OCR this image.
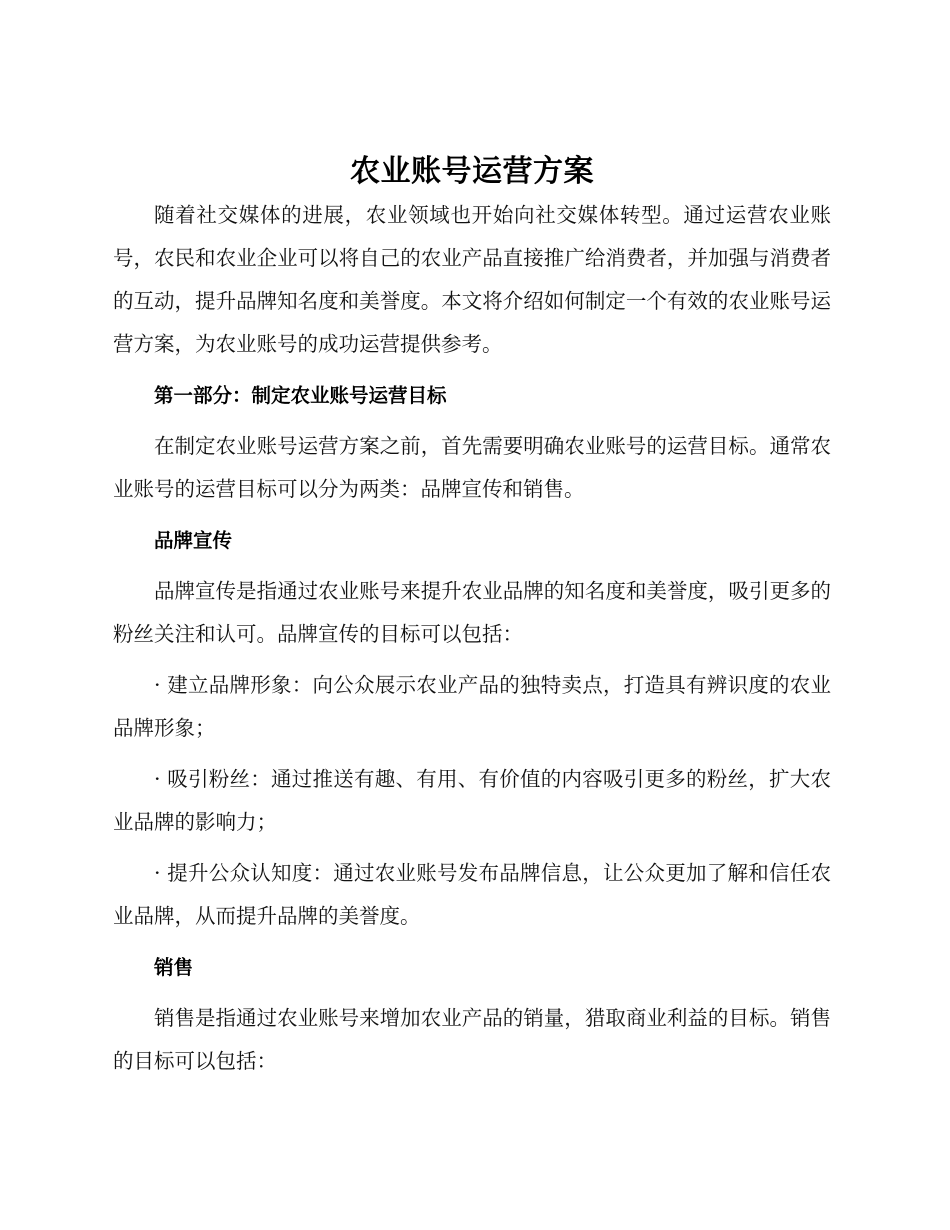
农业账号运营方案

随着社交媒体的进展，农业领域也开始向社交媒体转型。通过运营农业账号，农民和农业企业可以将自己的农业产品直接推广给消费者，并加强与消费者的互动，提升品牌知名度和美誉度。本文将介绍如何制定一个有效的农业账号运营方案，为农业账号的成功运营提供参考。

第一部分：制定农业账号运营目标

在制定农业账号运营方案之前，首先需要明确农业账号的运营目标。通常农业账号的运营目标可以分为两类：品牌宣传和销售。

品牌宣传

品牌宣传是指通过农业账号来提升农业品牌的知名度和美誉度，吸引更多的粉丝关注和认可。品牌宣传的目标可以包括：

· 建立品牌形象：向公众展示农业产品的独特卖点，打造具有辨识度的农业品牌形象；

· 吸引粉丝：通过推送有趣、有用、有价值的内容吸引更多的粉丝，扩大农业品牌的影响力；

· 提升公众认知度：通过农业账号发布品牌信息，让公众更加了解和信任农业品牌，从而提升品牌的美誉度。

销售

销售是指通过农业账号来增加农业产品的销量，猎取商业利益的目标。销售的目标可以包括：
